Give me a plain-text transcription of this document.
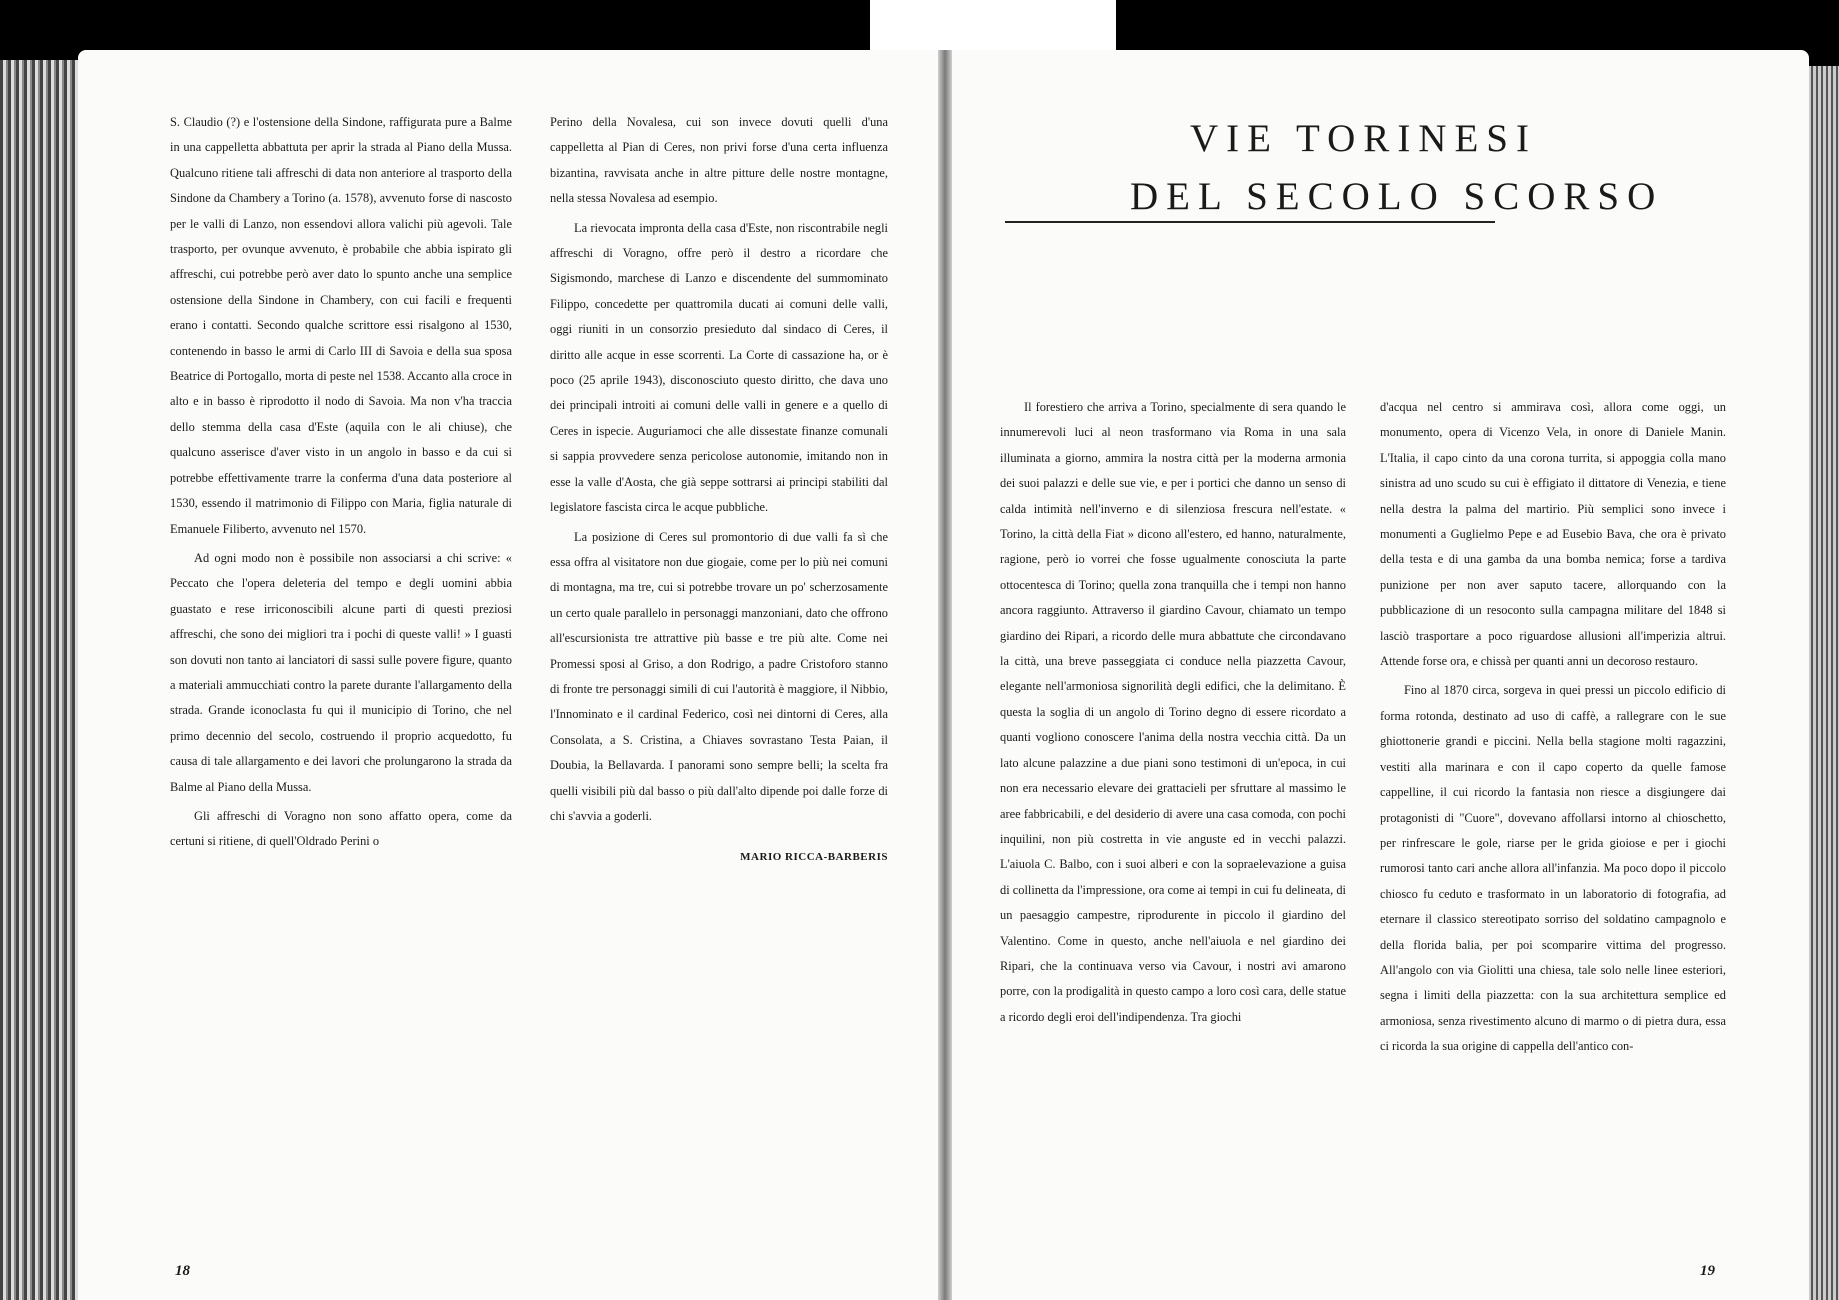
S. Claudio (?) e l'ostensione della Sindone, raffigurata pure a Balme in una cappelletta abbattuta per aprir la strada al Piano della Mussa. Qualcuno ritiene tali affreschi di data non anteriore al trasporto della Sindone da Chambery a Torino (a. 1578), avvenuto forse di nascosto per le valli di Lanzo, non essendovi allora valichi più agevoli. Tale trasporto, per ovunque avvenuto, è probabile che abbia ispirato gli affreschi, cui potrebbe però aver dato lo spunto anche una semplice ostensione della Sindone in Chambery, con cui facili e frequenti erano i contatti. Secondo qualche scrittore essi risalgono al 1530, contenendo in basso le armi di Carlo III di Savoia e della sua sposa Beatrice di Portogallo, morta di peste nel 1538. Accanto alla croce in alto e in basso è riprodotto il nodo di Savoia. Ma non v'ha traccia dello stemma della casa d'Este (aquila con le ali chiuse), che qualcuno asserisce d'aver visto in un angolo in basso e da cui si potrebbe effettivamente trarre la conferma d'una data posteriore al 1530, essendo il matrimonio di Filippo con Maria, figlia naturale di Emanuele Filiberto, avvenuto nel 1570.

Ad ogni modo non è possibile non associarsi a chi scrive: « Peccato che l'opera deleteria del tempo e degli uomini abbia guastato e rese irriconoscibili alcune parti di questi preziosi affreschi, che sono dei migliori tra i pochi di queste valli! » I guasti son dovuti non tanto ai lanciatori di sassi sulle povere figure, quanto a materiali ammucchiati contro la parete durante l'allargamento della strada. Grande iconoclasta fu qui il municipio di Torino, che nel primo decennio del secolo, costruendo il proprio acquedotto, fu causa di tale allargamento e dei lavori che prolungarono la strada da Balme al Piano della Mussa.

Gli affreschi di Voragno non sono affatto opera, come da certuni si ritiene, di quell'Oldrado Perini o

Perino della Novalesa, cui son invece dovuti quelli d'una cappelletta al Pian di Ceres, non privi forse d'una certa influenza bizantina, ravvisata anche in altre pitture delle nostre montagne, nella stessa Novalesa ad esempio.

La rievocata impronta della casa d'Este, non riscontrabile negli affreschi di Voragno, offre però il destro a ricordare che Sigismondo, marchese di Lanzo e discendente del summominato Filippo, concedette per quattromila ducati ai comuni delle valli, oggi riuniti in un consorzio presieduto dal sindaco di Ceres, il diritto alle acque in esse scorrenti. La Corte di cassazione ha, or è poco (25 aprile 1943), disconosciuto questo diritto, che dava uno dei principali introiti ai comuni delle valli in genere e a quello di Ceres in ispecie. Auguriamoci che alle dissestate finanze comunali si sappia provvedere senza pericolose autonomie, imitando non in esse la valle d'Aosta, che già seppe sottrarsi ai principi stabiliti dal legislatore fascista circa le acque pubbliche.

La posizione di Ceres sul promontorio di due valli fa sì che essa offra al visitatore non due giogaie, come per lo più nei comuni di montagna, ma tre, cui si potrebbe trovare un po' scherzosamente un certo quale parallelo in personaggi manzoniani, dato che offrono all'escursionista tre attrattive più basse e tre più alte. Come nei Promessi sposi al Griso, a don Rodrigo, a padre Cristoforo stanno di fronte tre personaggi simili di cui l'autorità è maggiore, il Nibbio, l'Innominato e il cardinal Federico, così nei dintorni di Ceres, alla Consolata, a S. Cristina, a Chiaves sovrastano Testa Paian, il Doubia, la Bellavarda. I panorami sono sempre belli; la scelta fra quelli visibili più dal basso o più dall'alto dipende poi dalle forze di chi s'avvia a goderli.

MARIO RICCA-BARBERIS
18
VIE TORINESI
DEL SECOLO SCORSO

Il forestiero che arriva a Torino, specialmente di sera quando le innumerevoli luci al neon trasformano via Roma in una sala illuminata a giorno, ammira la nostra città per la moderna armonia dei suoi palazzi e delle sue vie, e per i portici che danno un senso di calda intimità nell'inverno e di silenziosa frescura nell'estate. « Torino, la città della Fiat » dicono all'estero, ed hanno, naturalmente, ragione, però io vorrei che fosse ugualmente conosciuta la parte ottocentesca di Torino; quella zona tranquilla che i tempi non hanno ancora raggiunto. Attraverso il giardino Cavour, chiamato un tempo giardino dei Ripari, a ricordo delle mura abbattute che circondavano la città, una breve passeggiata ci conduce nella piazzetta Cavour, elegante nell'armoniosa signorilità degli edifici, che la delimitano. È questa la soglia di un angolo di Torino degno di essere ricordato a quanti vogliono conoscere l'anima della nostra vecchia città. Da un lato alcune palazzine a due piani sono testimoni di un'epoca, in cui non era necessario elevare dei grattacieli per sfruttare al massimo le aree fabbricabili, e del desiderio di avere una casa comoda, con pochi inquilini, non più costretta in vie anguste ed in vecchi palazzi. L'aiuola C. Balbo, con i suoi alberi e con la sopraelevazione a guisa di collinetta da l'impressione, ora come ai tempi in cui fu delineata, di un paesaggio campestre, riprodurente in piccolo il giardino del Valentino. Come in questo, anche nell'aiuola e nel giardino dei Ripari, che la continuava verso via Cavour, i nostri avi amarono porre, con la prodigalità in questo campo a loro così cara, delle statue a ricordo degli eroi dell'indipendenza. Tra giochi

d'acqua nel centro si ammirava così, allora come oggi, un monumento, opera di Vicenzo Vela, in onore di Daniele Manin. L'Italia, il capo cinto da una corona turrita, si appoggia colla mano sinistra ad uno scudo su cui è effigiato il dittatore di Venezia, e tiene nella destra la palma del martirio. Più semplici sono invece i monumenti a Guglielmo Pepe e ad Eusebio Bava, che ora è privato della testa e di una gamba da una bomba nemica; forse a tardiva punizione per non aver saputo tacere, allorquando con la pubblicazione di un resoconto sulla campagna militare del 1848 si lasciò trasportare a poco riguardose allusioni all'imperizia altrui. Attende forse ora, e chissà per quanti anni un decoroso restauro.

Fino al 1870 circa, sorgeva in quei pressi un piccolo edificio di forma rotonda, destinato ad uso di caffè, a rallegrare con le sue ghiottonerie grandi e piccini. Nella bella stagione molti ragazzini, vestiti alla marinara e con il capo coperto da quelle famose cappelline, il cui ricordo la fantasia non riesce a disgiungere dai protagonisti di "Cuore", dovevano affollarsi intorno al chioschetto, per rinfrescare le gole, riarse per le grida gioiose e per i giochi rumorosi tanto cari anche allora all'infanzia. Ma poco dopo il piccolo chiosco fu ceduto e trasformato in un laboratorio di fotografia, ad eternare il classico stereotipato sorriso del soldatino campagnolo e della florida balia, per poi scomparire vittima del progresso. All'angolo con via Giolitti una chiesa, tale solo nelle linee esteriori, segna i limiti della piazzetta: con la sua architettura semplice ed armoniosa, senza rivestimento alcuno di marmo o di pietra dura, essa ci ricorda la sua origine di cappella dell'antico con-

19
